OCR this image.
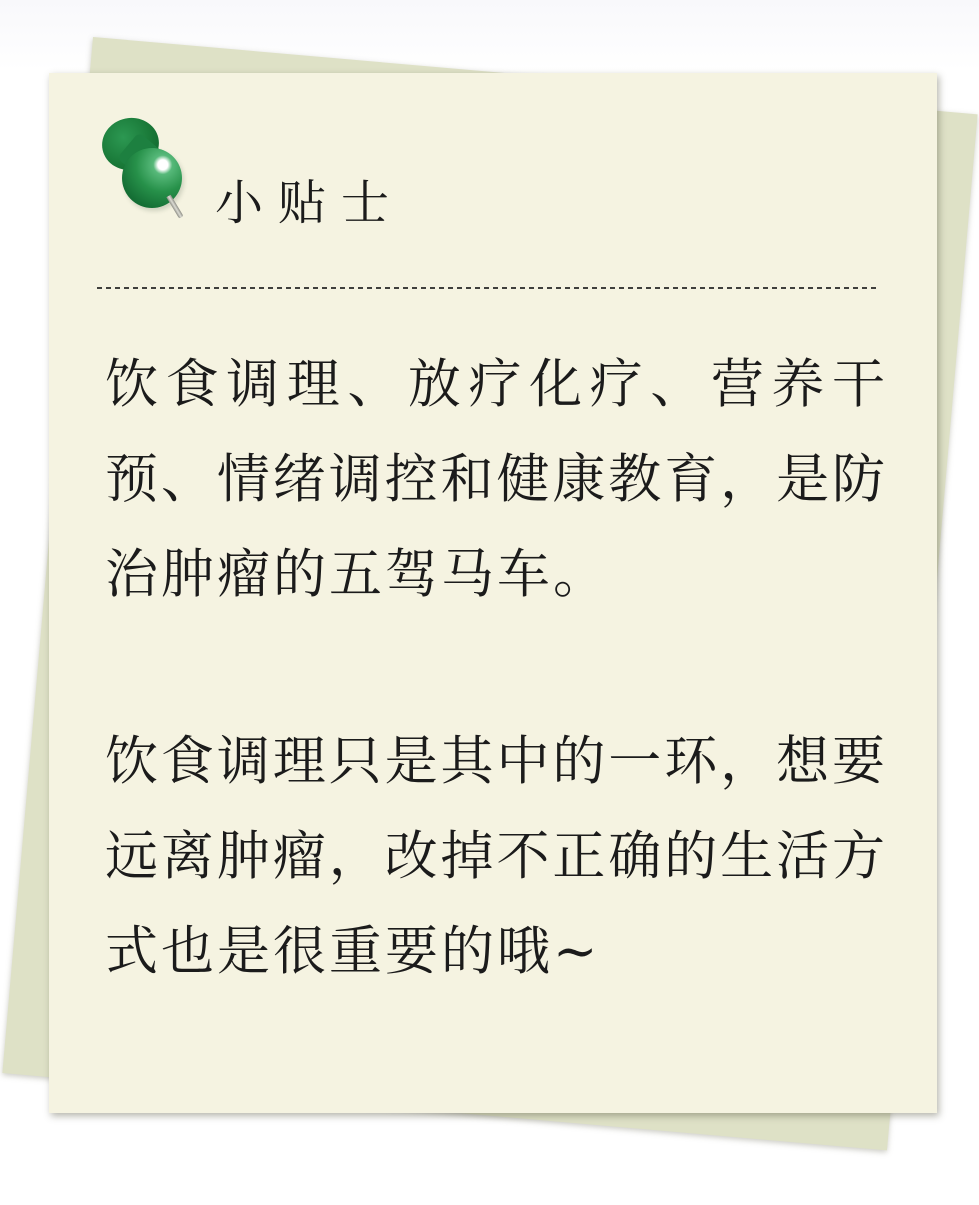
小贴士

饮食调理、放疗化疗、营养干
预、情绪调控和健康教育，是防
治肿瘤的五驾马车。

饮食调理只是其中的一环，想要
远离肿瘤，改掉不正确的生活方
式也是很重要的哦~
